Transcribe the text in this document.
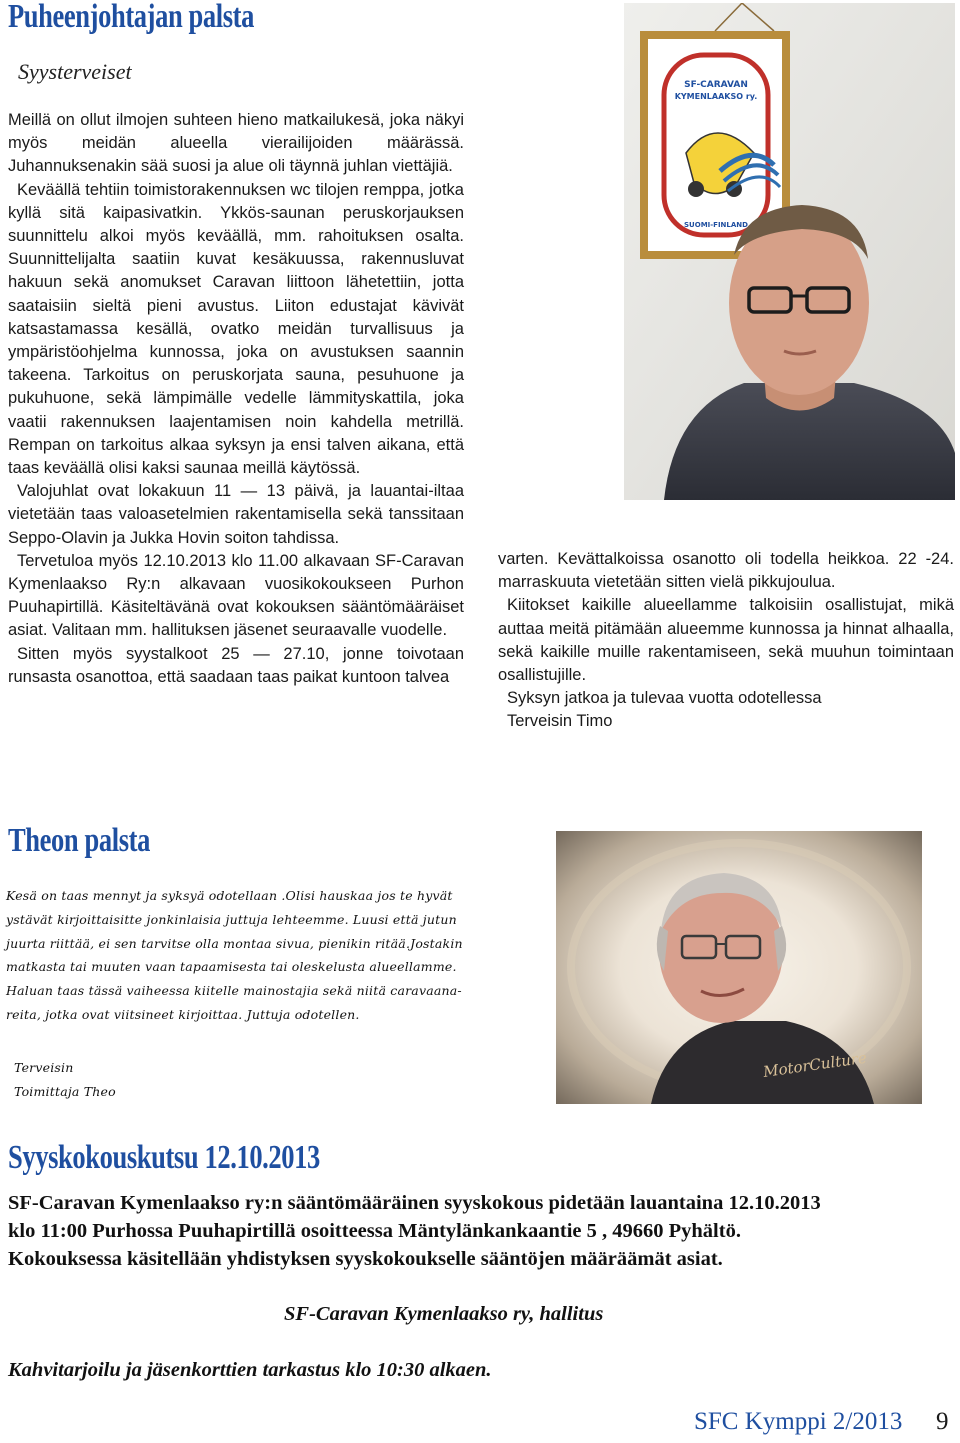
Puheenjohtajan palsta
Syysterveiset

Meillä on ollut ilmojen suhteen hieno matkailukesä, joka näkyi myös meidän alueella vierailijoiden määrässä. Juhannuksenakin sää suosi ja alue oli täynnä juhlan viettäjiä.

Keväällä tehtiin toimistorakennuksen wc tilojen remppa, jotka kyllä sitä kaipasivatkin. Ykkös-saunan peruskorjauksen suunnittelu alkoi myös keväällä, mm. rahoituksen osalta. Suunnittelijalta saatiin kuvat kesäkuussa, rakennusluvat hakuun sekä anomukset Caravan liittoon lähetettiin, jotta saataisiin sieltä pieni avustus. Liiton edustajat kävivät katsastamassa kesällä, ovatko meidän turvallisuus ja ympäristöohjelma kunnossa, joka on avustuksen saannin takeena. Tarkoitus on peruskorjata sauna, pesuhuone ja pukuhuone, sekä lämpimälle vedelle lämmityskattila, joka vaatii rakennuksen laajentamisen noin kahdella metrillä. Rempan on tarkoitus alkaa syksyn ja ensi talven aikana, että taas keväällä olisi kaksi saunaa meillä käytössä.

Valojuhlat ovat lokakuun 11 — 13 päivä, ja lauantai-iltaa vietetään taas valoasetelmien rakentamisella sekä tanssitaan Seppo-Olavin ja Jukka Hovin soiton tahdissa.

Tervetuloa myös 12.10.2013 klo 11.00 alkavaan SF-Caravan Kymenlaakso Ry:n alkavaan vuosikokoukseen Purhon Puuhapirtillä. Käsiteltävänä ovat kokouksen sääntömääräiset asiat. Valitaan mm. hallituksen jäsenet seuraavalle vuodelle.

Sitten myös syystalkoot 25 — 27.10, jonne toivotaan runsasta osanottoa, että saadaan taas paikat kuntoon talvea

SF-CARAVAN
KYMENLAAKSO ry.
SUOMI-FINLAND

varten. Kevättalkoissa osanotto oli todella heikkoa. 22 -24. marraskuuta vietetään sitten vielä pikkujoulua.

Kiitokset kaikille alueellamme talkoisiin osallistujat, mikä auttaa meitä pitämään alueemme kunnossa ja hinnat alhaalla, sekä kaikille muille rakentamiseen, sekä muuhun toimintaan osallistujille.

Syksyn jatkoa ja tulevaa vuotta odotellessa

Terveisin Timo

Theon palsta
Kesä on taas mennyt ja syksyä odotellaan .Olisi hauskaa jos te hyvät
ystävät kirjoittaisitte jonkinlaisia juttuja lehteemme. Luusi että jutun
juurta riittää, ei sen tarvitse olla montaa sivua, pienikin ritää.Jostakin
matkasta tai muuten vaan tapaamisesta tai oleskelusta alueellamme.
Haluan taas tässä vaiheessa kiitelle mainostajia sekä niitä caravaana-
reita, jotka ovat viitsineet kirjoittaa. Juttuja odotellen.
Terveisin
Toimittaja Theo
MotorCulture
Syyskokouskutsu 12.10.2013
SF-Caravan Kymenlaakso ry:n sääntömääräinen syyskokous pidetään lauantaina 12.10.2013
klo 11:00 Purhossa Puuhapirtillä osoitteessa Mäntylänkankaantie 5 , 49660 Pyhältö.
Kokouksessa käsitellään yhdistyksen syyskokoukselle sääntöjen määräämät asiat.
SF-Caravan Kymenlaakso ry, hallitus
Kahvitarjoilu ja jäsenkorttien tarkastus klo 10:30 alkaen.
SFC Kymppi 2/2013 9
